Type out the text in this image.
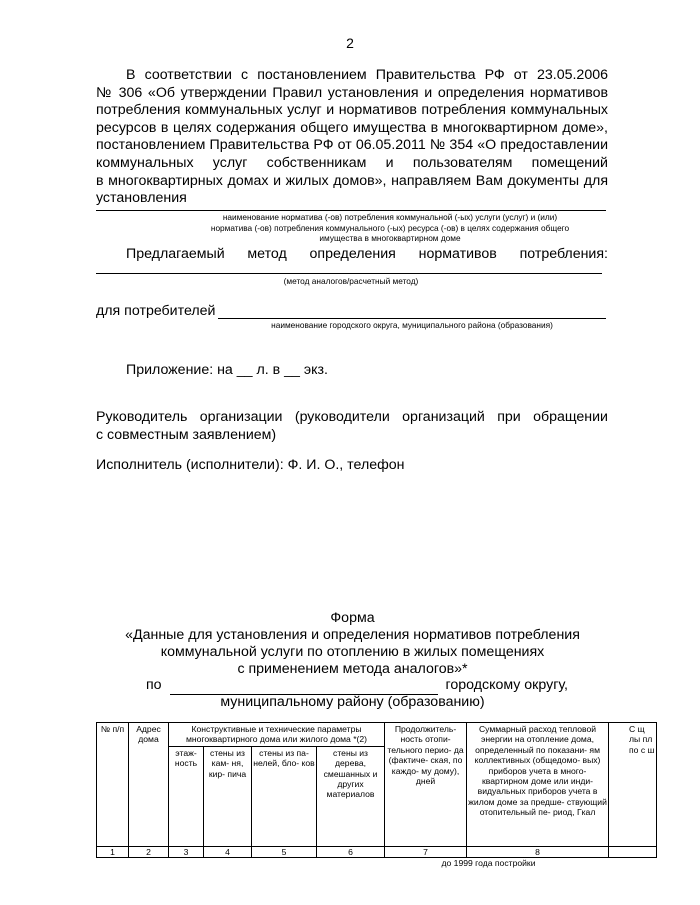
2
В соответствии с постановлением Правительства РФ от 23.05.2006
№ 306 «Об утверждении Правил установления и определения нормативов
потребления коммунальных услуг и нормативов потребления коммунальных
ресурсов в целях содержания общего имущества в многоквартирном доме»,
постановлением Правительства РФ от 06.05.2011 № 354 «О предоставлении
коммунальных услуг собственникам и пользователям помещений
в многоквартирных домах и жилых домов», направляем Вам документы для
установления
наименование норматива (-ов) потребления коммунальной (-ых) услуги (услуг) и (или)
норматива (-ов) потребления коммунального (-ых) ресурса (-ов) в целях содержания общего
имущества в многоквартирном доме
Предлагаемый метод определения нормативов потребления:
(метод аналогов/расчетный метод)
для потребителей
наименование городского округа, муниципального района (образования)
Приложение: на __ л. в __ экз.
Руководитель организации (руководители организаций при обращении
с совместным заявлением)
Исполнитель (исполнители): Ф. И. О., телефон
Форма
«Данные для установления и определения нормативов потребления
коммунальной услуги по отоплению в жилых помещениях
с применением метода аналогов»*
по	городскому округу,
муниципальному району (образованию)
№ п/п	Адрес дома	Конструктивные и технические параметры многоквартирного дома или жилого дома *(2)				Продолжитель- ность отопи- тельного перио- да (фактиче- ская, по каждо- му дому), дней	Суммарный расход тепловой энергии на отопление дома, определенный по показани- ям коллективных (общедомо- вых) приборов учета в много- квартирном доме или инди- видуальных приборов учета в жилом доме за предше- ствующий отопительный пе- риод, Гкал	С щ лы пл по с ш
		этаж- ность	стены из кам- ня, кир- пича	стены из па- нелей, бло- ков	стены из дерева, смешанных и других материалов			
1	2	3	4	5	6	7	8	
до 1999 года постройки								
